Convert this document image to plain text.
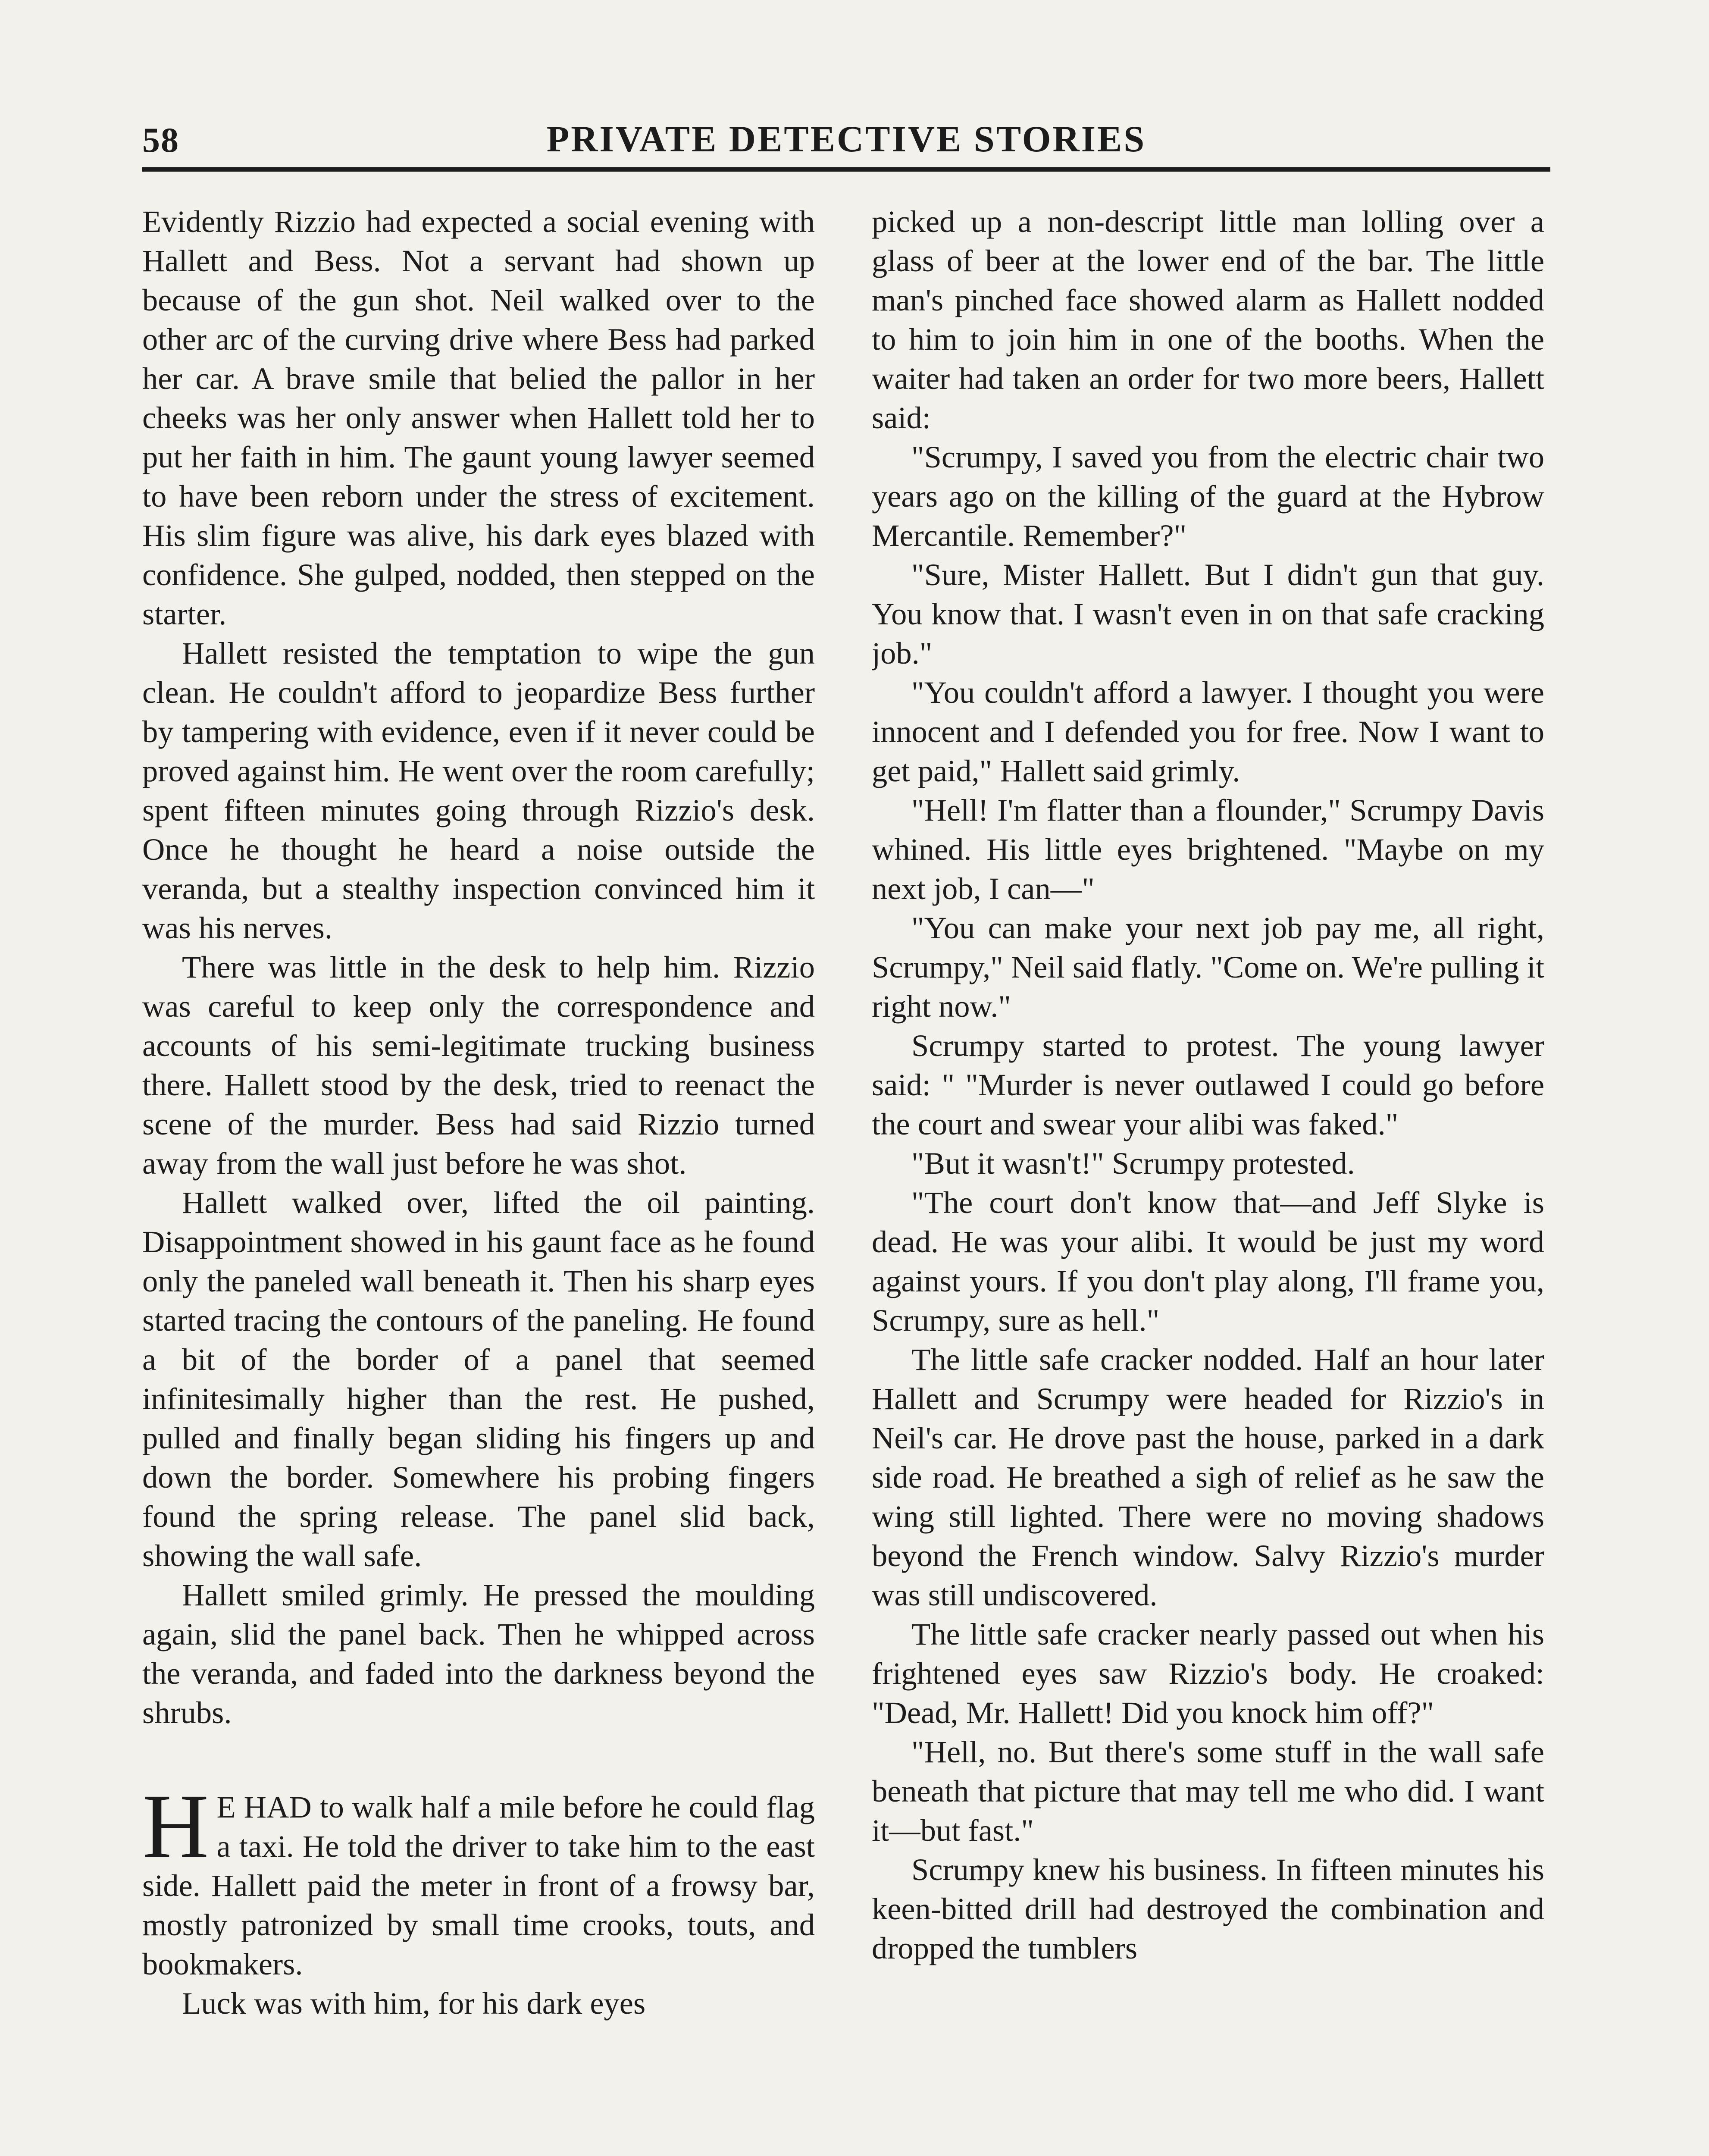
58	PRIVATE DETECTIVE STORIES

Evidently Rizzio had expected a social evening with Hallett and Bess. Not a servant had shown up because of the gun shot. Neil walked over to the other arc of the curving drive where Bess had parked her car. A brave smile that belied the pallor in her cheeks was her only answer when Hallett told her to put her faith in him. The gaunt young lawyer seemed to have been reborn under the stress of excitement. His slim figure was alive, his dark eyes blazed with confidence. She gulped, nodded, then stepped on the starter.

Hallett resisted the temptation to wipe the gun clean. He couldn't afford to jeopardize Bess further by tampering with evidence, even if it never could be proved against him. He went over the room carefully; spent fifteen minutes going through Rizzio's desk. Once he thought he heard a noise outside the veranda, but a stealthy inspection convinced him it was his nerves.

There was little in the desk to help him. Rizzio was careful to keep only the correspondence and accounts of his semi-legitimate trucking business there. Hallett stood by the desk, tried to reenact the scene of the murder. Bess had said Rizzio turned away from the wall just before he was shot.

Hallett walked over, lifted the oil painting. Disappointment showed in his gaunt face as he found only the paneled wall beneath it. Then his sharp eyes started tracing the contours of the paneling. He found a bit of the border of a panel that seemed infinitesimally higher than the rest. He pushed, pulled and finally began sliding his fingers up and down the border. Somewhere his probing fingers found the spring release. The panel slid back, showing the wall safe.

Hallett smiled grimly. He pressed the moulding again, slid the panel back. Then he whipped across the veranda, and faded into the darkness beyond the shrubs.

H E HAD to walk half a mile before he could flag a taxi. He told the driver to take him to the east side. Hallett paid the meter in front of a frowsy bar, mostly patronized by small time crooks, touts, and bookmakers.

Luck was with him, for his dark eyes

picked up a non-descript little man lolling over a glass of beer at the lower end of the bar. The little man's pinched face showed alarm as Hallett nodded to him to join him in one of the booths. When the waiter had taken an order for two more beers, Hallett said:

"Scrumpy, I saved you from the electric chair two years ago on the killing of the guard at the Hybrow Mercantile. Remember?"

"Sure, Mister Hallett. But I didn't gun that guy. You know that. I wasn't even in on that safe cracking job."

"You couldn't afford a lawyer. I thought you were innocent and I defended you for free. Now I want to get paid," Hallett said grimly.

"Hell! I'm flatter than a flounder," Scrumpy Davis whined. His little eyes brightened. "Maybe on my next job, I can—"

"You can make your next job pay me, all right, Scrumpy," Neil said flatly. "Come on. We're pulling it right now."

Scrumpy started to protest. The young lawyer said: " "Murder is never outlawed I could go before the court and swear your alibi was faked."

"But it wasn't!" Scrumpy protested.

"The court don't know that—and Jeff Slyke is dead. He was your alibi. It would be just my word against yours. If you don't play along, I'll frame you, Scrumpy, sure as hell."

The little safe cracker nodded. Half an hour later Hallett and Scrumpy were headed for Rizzio's in Neil's car. He drove past the house, parked in a dark side road. He breathed a sigh of relief as he saw the wing still lighted. There were no moving shadows beyond the French window. Salvy Rizzio's murder was still undiscovered.

The little safe cracker nearly passed out when his frightened eyes saw Rizzio's body. He croaked: "Dead, Mr. Hallett! Did you knock him off?"

"Hell, no. But there's some stuff in the wall safe beneath that picture that may tell me who did. I want it—but fast."

Scrumpy knew his business. In fifteen minutes his keen-bitted drill had destroyed the combination and dropped the tumblers
